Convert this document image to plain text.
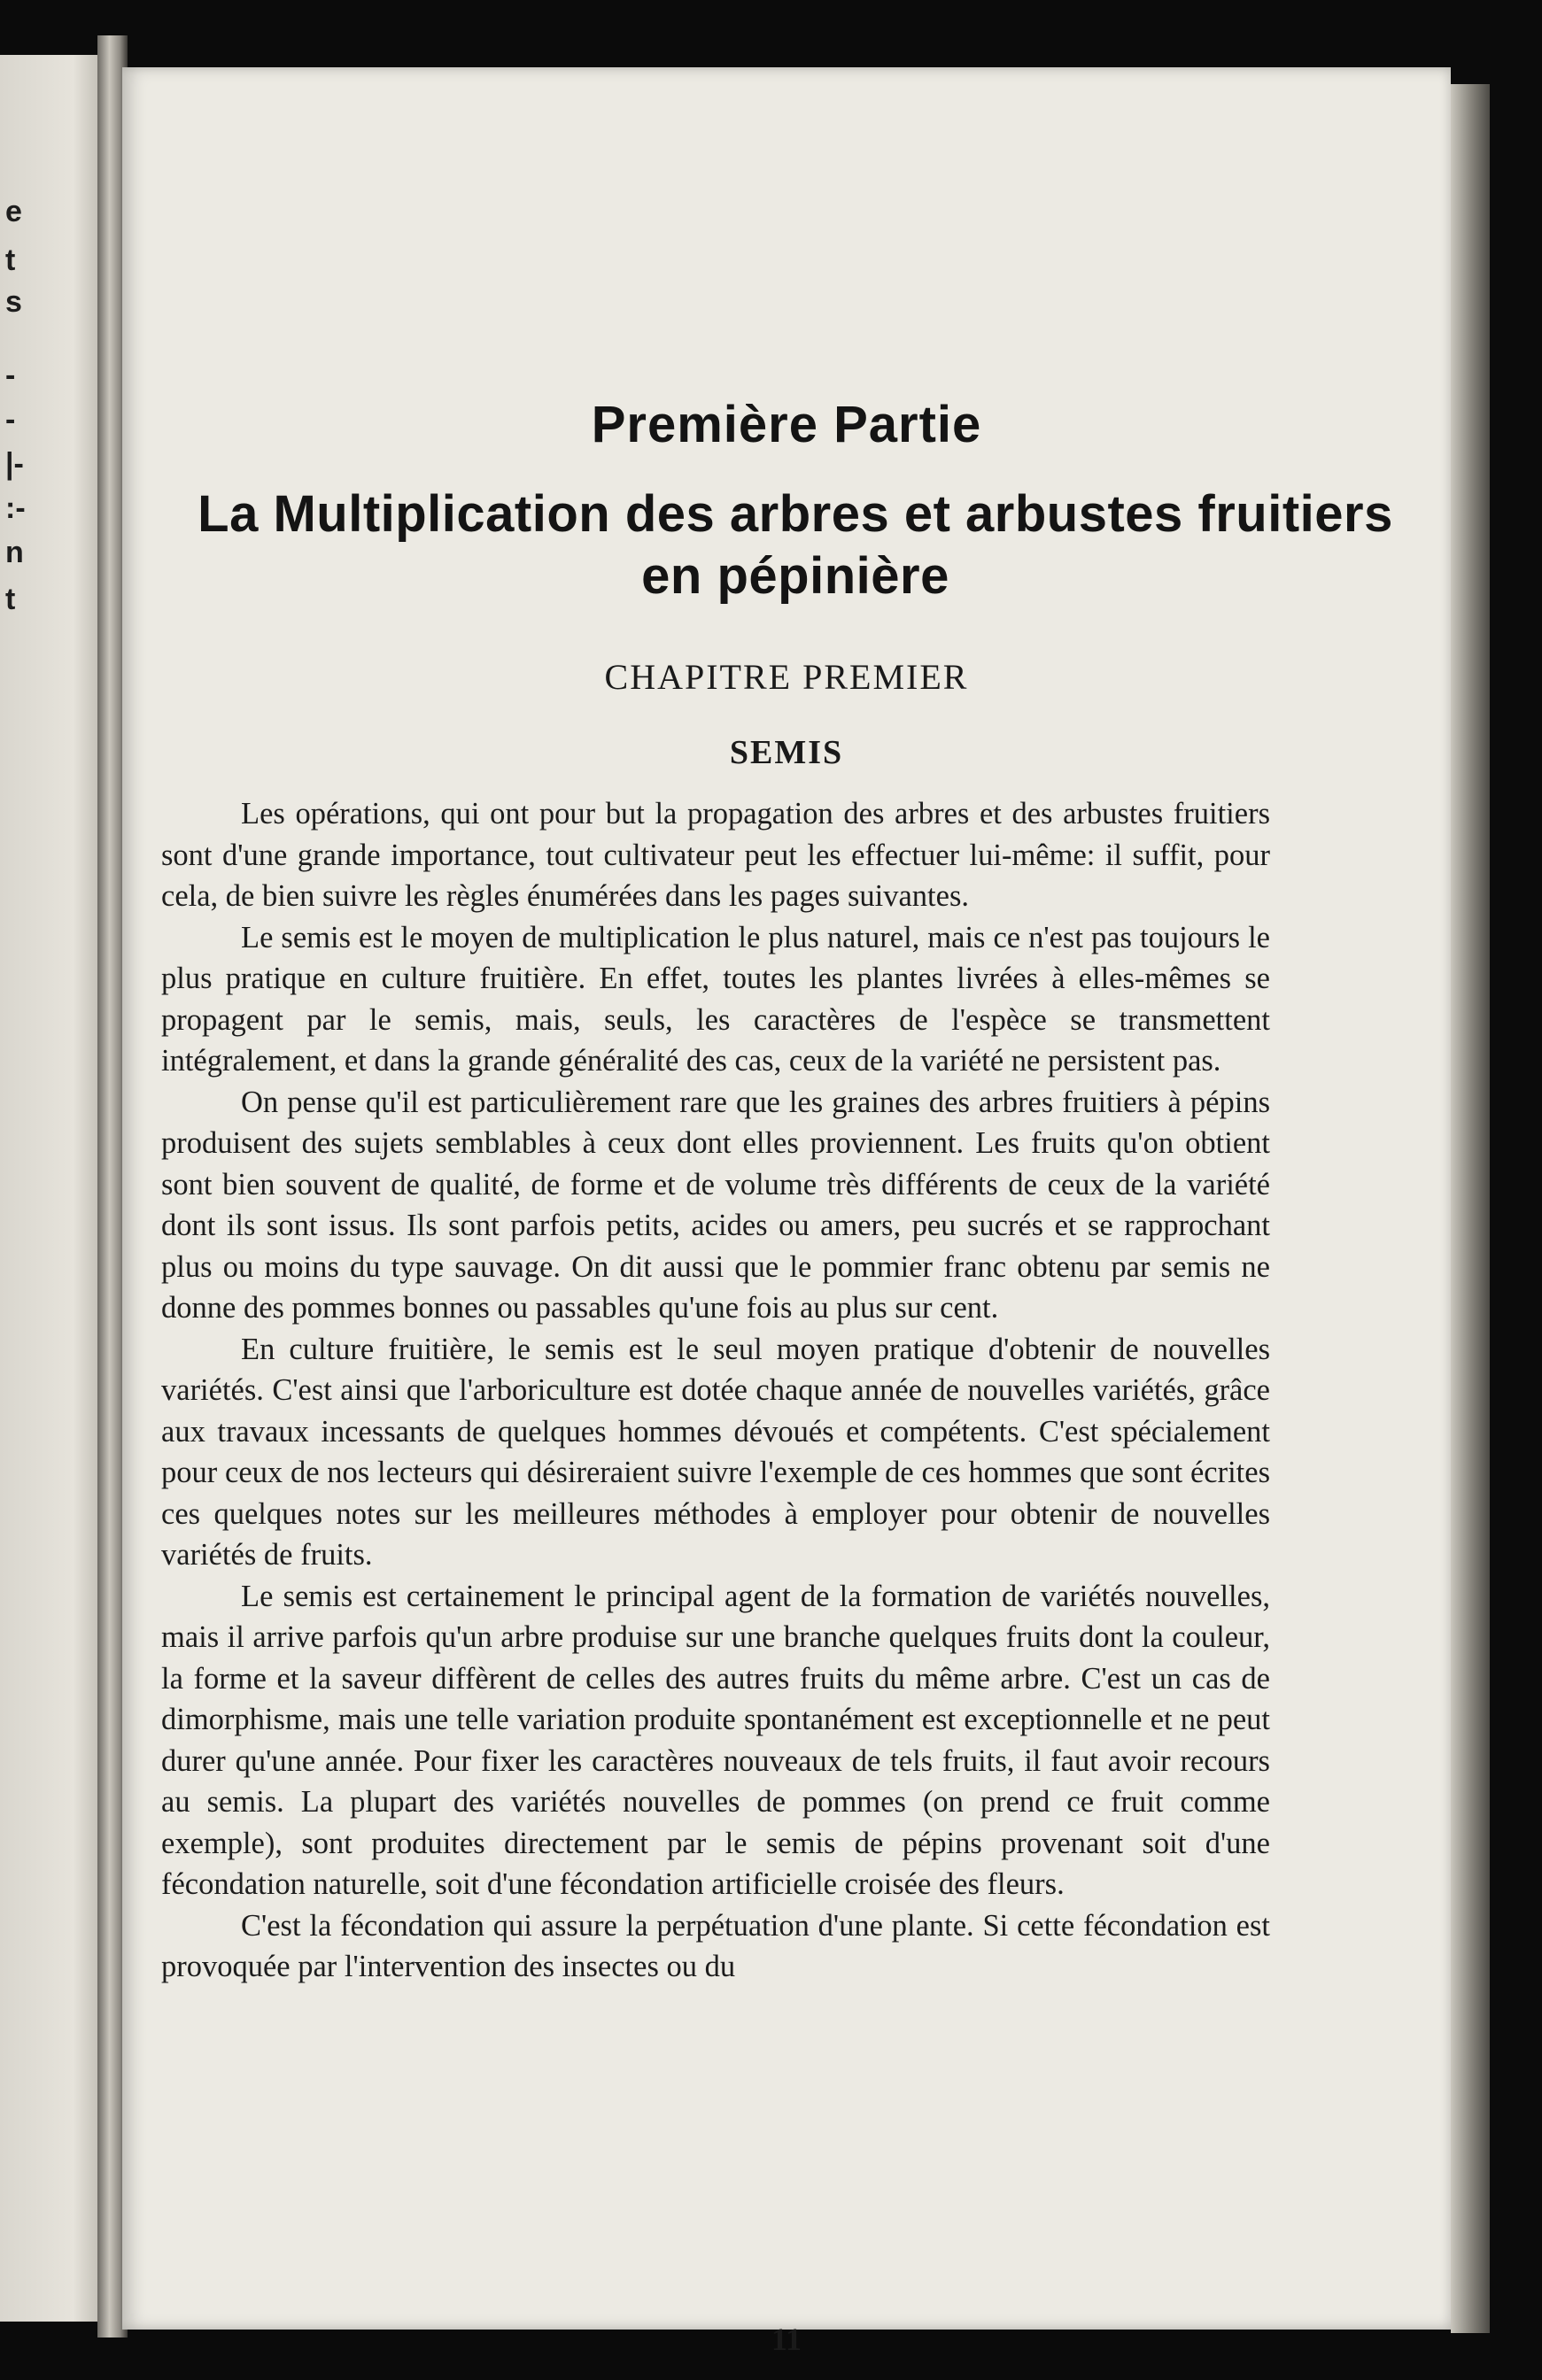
e
t
s
-
-
|-
:-
n
t
Première Partie
La Multiplication des arbres et arbustes fruitiers en pépinière
CHAPITRE PREMIER
SEMIS

Les opérations, qui ont pour but la propagation des arbres et des arbustes fruitiers sont d'une grande importance, tout cultivateur peut les effectuer lui-même: il suffit, pour cela, de bien suivre les règles énumérées dans les pages suivantes.

Le semis est le moyen de multiplication le plus naturel, mais ce n'est pas toujours le plus pratique en culture fruitière. En effet, toutes les plantes livrées à elles-mêmes se propagent par le semis, mais, seuls, les caractères de l'espèce se transmettent intégralement, et dans la grande généralité des cas, ceux de la variété ne persistent pas.

On pense qu'il est particulièrement rare que les graines des arbres fruitiers à pépins produisent des sujets semblables à ceux dont elles proviennent. Les fruits qu'on obtient sont bien souvent de qualité, de forme et de volume très différents de ceux de la variété dont ils sont issus. Ils sont parfois petits, acides ou amers, peu sucrés et se rapprochant plus ou moins du type sauvage. On dit aussi que le pommier franc obtenu par semis ne donne des pommes bonnes ou passables qu'une fois au plus sur cent.

En culture fruitière, le semis est le seul moyen pratique d'obtenir de nouvelles variétés. C'est ainsi que l'arboriculture est dotée chaque année de nouvelles variétés, grâce aux travaux incessants de quelques hommes dévoués et compétents. C'est spécialement pour ceux de nos lecteurs qui désireraient suivre l'exemple de ces hommes que sont écrites ces quelques notes sur les meilleures méthodes à employer pour obtenir de nouvelles variétés de fruits.

Le semis est certainement le principal agent de la formation de variétés nouvelles, mais il arrive parfois qu'un arbre produise sur une branche quelques fruits dont la couleur, la forme et la saveur diffèrent de celles des autres fruits du même arbre. C'est un cas de dimorphisme, mais une telle variation produite spontanément est exceptionnelle et ne peut durer qu'une année. Pour fixer les caractères nouveaux de tels fruits, il faut avoir recours au semis. La plupart des variétés nouvelles de pommes (on prend ce fruit comme exemple), sont produites directement par le semis de pépins provenant soit d'une fécondation naturelle, soit d'une fécondation artificielle croisée des fleurs.

C'est la fécondation qui assure la perpétuation d'une plante. Si cette fécondation est provoquée par l'intervention des insectes ou du

11
